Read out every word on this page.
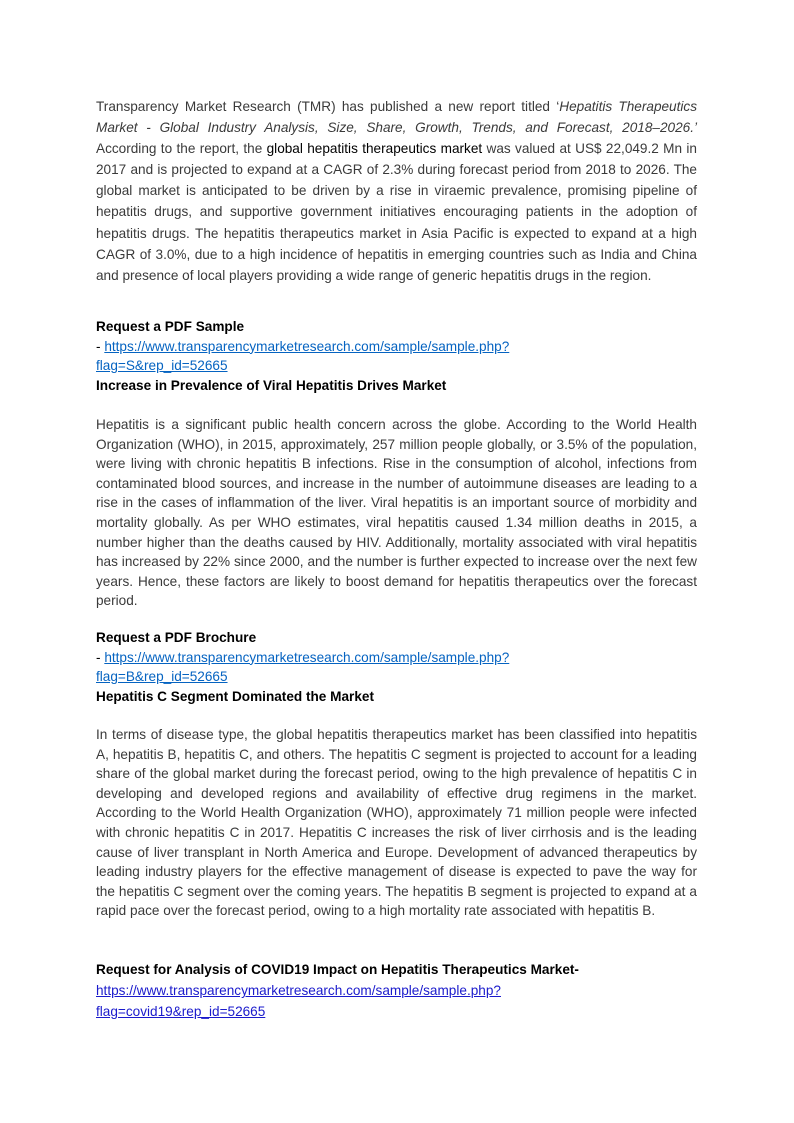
Transparency Market Research (TMR) has published a new report titled ‘Hepatitis Therapeutics Market - Global Industry Analysis, Size, Share, Growth, Trends, and Forecast, 2018–2026.’ According to the report, the global hepatitis therapeutics market was valued at US$ 22,049.2 Mn in 2017 and is projected to expand at a CAGR of 2.3% during forecast period from 2018 to 2026. The global market is anticipated to be driven by a rise in viraemic prevalence, promising pipeline of hepatitis drugs, and supportive government initiatives encouraging patients in the adoption of hepatitis drugs. The hepatitis therapeutics market in Asia Pacific is expected to expand at a high CAGR of 3.0%, due to a high incidence of hepatitis in emerging countries such as India and China and presence of local players providing a wide range of generic hepatitis drugs in the region.

Request a PDF Sample
- https://www.transparencymarketresearch.com/sample/sample.php?
flag=S&rep_id=52665
Increase in Prevalence of Viral Hepatitis Drives Market

Hepatitis is a significant public health concern across the globe. According to the World Health Organization (WHO), in 2015, approximately, 257 million people globally, or 3.5% of the population, were living with chronic hepatitis B infections. Rise in the consumption of alcohol, infections from contaminated blood sources, and increase in the number of autoimmune diseases are leading to a rise in the cases of inflammation of the liver. Viral hepatitis is an important source of morbidity and mortality globally. As per WHO estimates, viral hepatitis caused 1.34 million deaths in 2015, a number higher than the deaths caused by HIV. Additionally, mortality associated with viral hepatitis has increased by 22% since 2000, and the number is further expected to increase over the next few years. Hence, these factors are likely to boost demand for hepatitis therapeutics over the forecast period.

Request a PDF Brochure
- https://www.transparencymarketresearch.com/sample/sample.php?
flag=B&rep_id=52665
Hepatitis C Segment Dominated the Market

In terms of disease type, the global hepatitis therapeutics market has been classified into hepatitis A, hepatitis B, hepatitis C, and others. The hepatitis C segment is projected to account for a leading share of the global market during the forecast period, owing to the high prevalence of hepatitis C in developing and developed regions and availability of effective drug regimens in the market. According to the World Health Organization (WHO), approximately 71 million people were infected with chronic hepatitis C in 2017. Hepatitis C increases the risk of liver cirrhosis and is the leading cause of liver transplant in North America and Europe. Development of advanced therapeutics by leading industry players for the effective management of disease is expected to pave the way for the hepatitis C segment over the coming years. The hepatitis B segment is projected to expand at a rapid pace over the forecast period, owing to a high mortality rate associated with hepatitis B.

Request for Analysis of COVID19 Impact on Hepatitis Therapeutics Market-
https://www.transparencymarketresearch.com/sample/sample.php?
flag=covid19&rep_id=52665
